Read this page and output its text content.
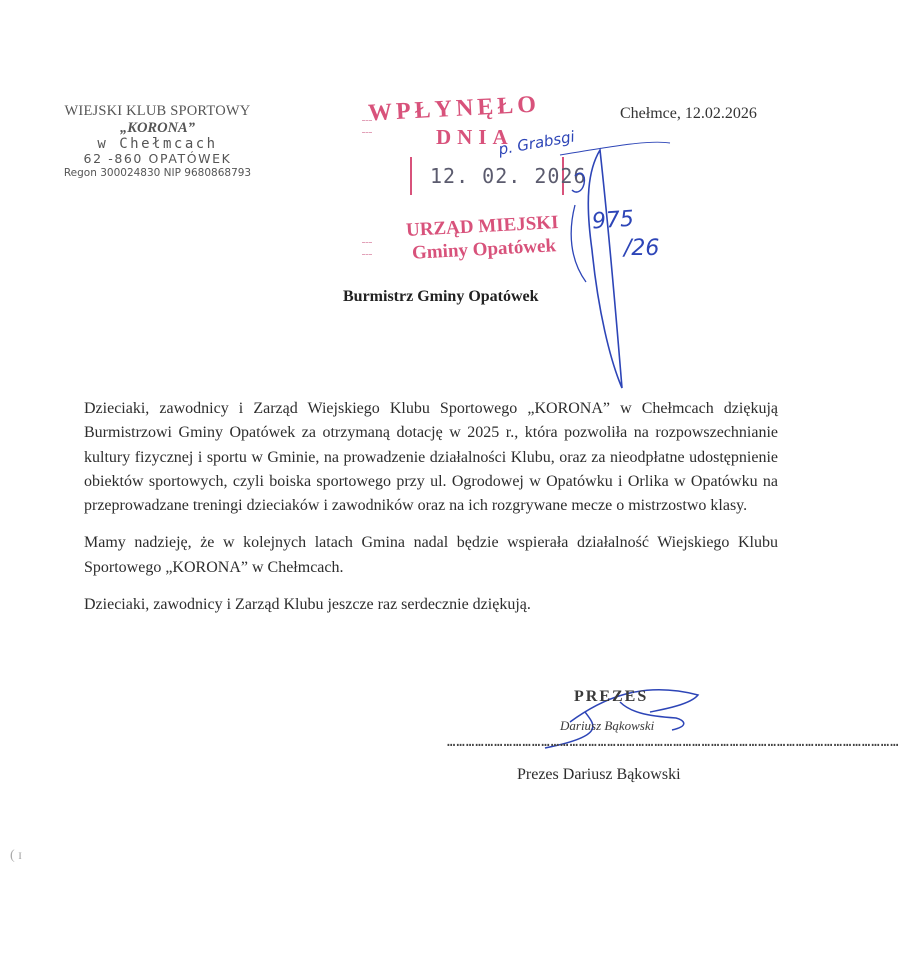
WIEJSKI KLUB SPORTOWY
„KORONA”
w Chełmcach
62 -860 OPATÓWEK
Regon 300024830 NIP 9680868793
Chełmce, 12.02.2026
WPŁYNĘŁO
DNIA
12. 02. 2026
URZĄD MIEJSKI
Gminy Opatówek
p. Grabsgi
975
/26
Burmistrz Gminy Opatówek

Dzieciaki, zawodnicy i Zarząd Wiejskiego Klubu Sportowego „KORONA” w Chełmcach dziękują Burmistrzowi Gminy Opatówek za otrzymaną dotację w 2025 r., która pozwoliła na rozpowszechnianie kultury fizycznej i sportu w Gminie, na prowadzenie działalności Klubu, oraz za nieodpłatne udostępnienie obiektów sportowych, czyli boiska sportowego przy ul. Ogrodowej w Opatówku i Orlika w Opatówku na przeprowadzane treningi dzieciaków i zawodników oraz na ich rozgrywane mecze o mistrzostwo klasy.

Mamy nadzieję, że w kolejnych latach Gmina nadal będzie wspierała działalność Wiejskiego Klubu Sportowego „KORONA” w Chełmcach.

Dzieciaki, zawodnicy i Zarząd Klubu jeszcze raz serdecznie dziękują.

PREZES
Dariusz Bąkowski
………………………………………………………………………………………………………………………………
Prezes Dariusz Bąkowski
( ɪ
